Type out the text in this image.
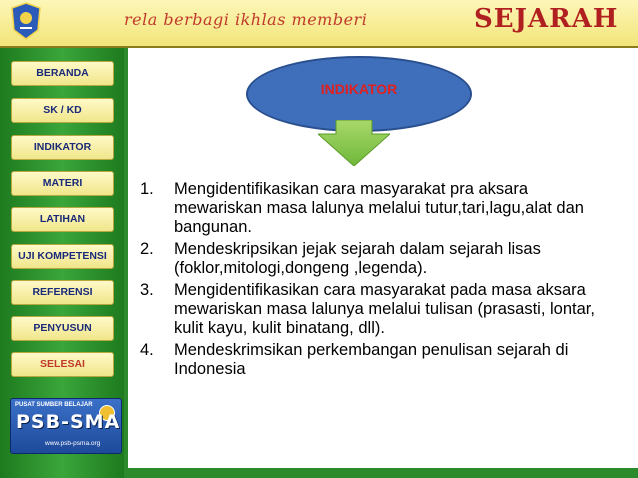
rela berbagi ikhlas memberi	SEJARAH
BERANDA
SK / KD
INDIKATOR
MATERI
LATIHAN
UJI KOMPETENSI
REFERENSI
PENYUSUN
SELESAI
PUSAT SUMBER BELAJAR
PSB-SMA
www.psb-psma.org
INDIKATOR
1. Mengidentifikasikan cara masyarakat pra aksara mewariskan masa lalunya melalui tutur,tari,lagu,alat dan bangunan.
2. Mendeskripsikan jejak sejarah dalam sejarah lisas (foklor,mitologi,dongeng ,legenda).
3. Mengidentifikasikan cara masyarakat pada masa aksara mewariskan masa lalunya melalui tulisan (prasasti, lontar, kulit kayu, kulit binatang, dll).
4. Mendeskrimsikan perkembangan penulisan sejarah di Indonesia
